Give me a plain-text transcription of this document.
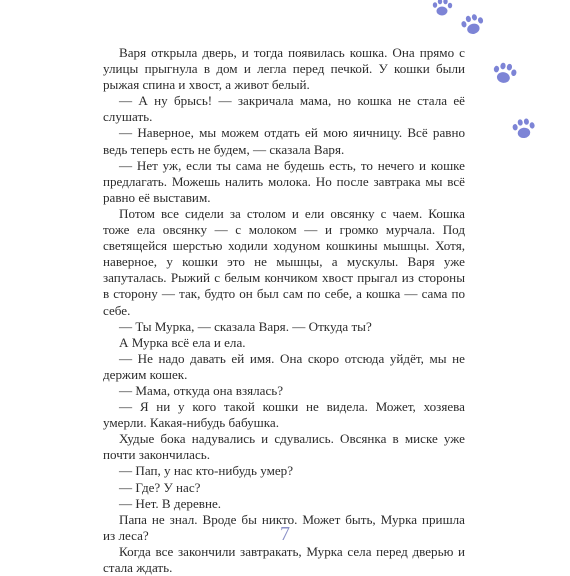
Варя открыла дверь, и тогда появилась кошка. Она прямо с улицы прыгнула в дом и легла перед печкой. У кошки были рыжая спина и хвост, а живот белый.

— А ну брысь! — закричала мама, но кошка не стала её слушать.

— Наверное, мы можем отдать ей мою яичницу. Всё равно ведь теперь есть не будем, — сказала Варя.

— Нет уж, если ты сама не будешь есть, то нечего и кошке предлагать. Можешь налить молока. Но после завтрака мы всё равно её выставим.

Потом все сидели за столом и ели овсянку с чаем. Кошка тоже ела овсянку — с молоком — и громко мурчала. Под светящейся шерстью ходили ходуном кошкины мышцы. Хотя, наверное, у кошки это не мышцы, а мускулы. Варя уже запуталась. Рыжий с белым кончиком хвост прыгал из стороны в сторону — так, будто он был сам по себе, а кошка — сама по себе.

— Ты Мурка, — сказала Варя. — Откуда ты?

А Мурка всё ела и ела.

— Не надо давать ей имя. Она скоро отсюда уйдёт, мы не держим кошек.

— Мама, откуда она взялась?

— Я ни у кого такой кошки не видела. Может, хозяева умерли. Какая-нибудь бабушка.

Худые бока надувались и сдувались. Овсянка в миске уже почти закончилась.

— Пап, у нас кто-нибудь умер?

— Где? У нас?

— Нет. В деревне.

Папа не знал. Вроде бы никто. Может быть, Мурка пришла из леса?

Когда все закончили завтракать, Мурка села перед дверью и стала ждать.

7
